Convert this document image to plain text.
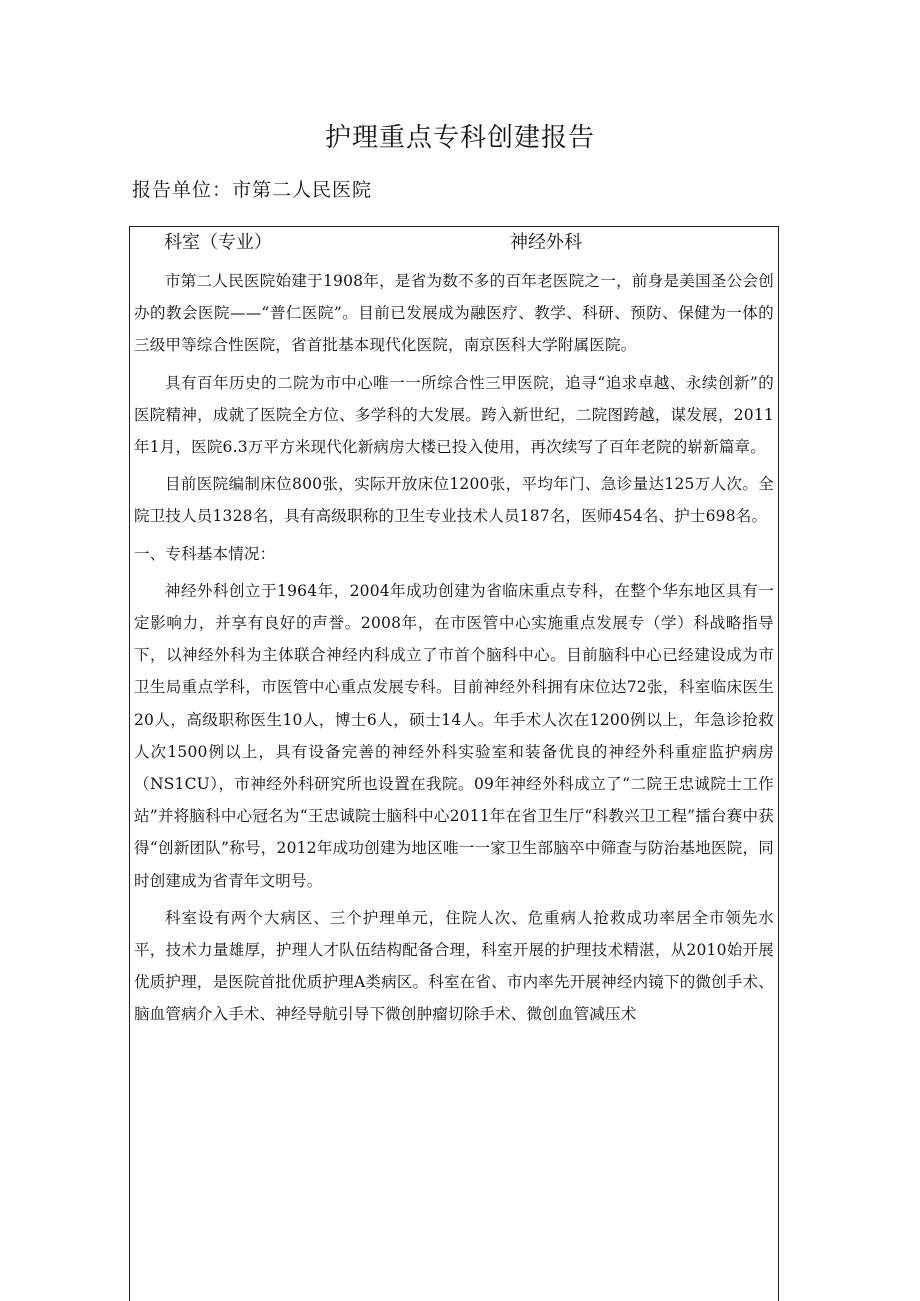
护理重点专科创建报告
报告单位：市第二人民医院
科室（专业）	神经外科

市第二人民医院始建于1908年，是省为数不多的百年老医院之一，前身是美国圣公会创办的教会医院——“普仁医院”。目前已发展成为融医疗、教学、科研、预防、保健为一体的三级甲等综合性医院，省首批基本现代化医院，南京医科大学附属医院。

具有百年历史的二院为市中心唯一一所综合性三甲医院，追寻“追求卓越、永续创新”的医院精神，成就了医院全方位、多学科的大发展。跨入新世纪，二院图跨越，谋发展，2011年1月，医院6.3万平方米现代化新病房大楼已投入使用，再次续写了百年老院的崭新篇章。

目前医院编制床位800张，实际开放床位1200张，平均年门、急诊量达125万人次。全院卫技人员1328名，具有高级职称的卫生专业技术人员187名，医师454名、护士698名。

一、专科基本情况：

神经外科创立于1964年，2004年成功创建为省临床重点专科，在整个华东地区具有一定影响力，并享有良好的声誉。2008年，在市医管中心实施重点发展专（学）科战略指导下，以神经外科为主体联合神经内科成立了市首个脑科中心。目前脑科中心已经建设成为市卫生局重点学科，市医管中心重点发展专科。目前神经外科拥有床位达72张，科室临床医生20人，高级职称医生10人，博士6人，硕士14人。年手术人次在1200例以上，年急诊抢救人次1500例以上，具有设备完善的神经外科实验室和装备优良的神经外科重症监护病房（NS1CU），市神经外科研究所也设置在我院。09年神经外科成立了“二院王忠诚院士工作站”并将脑科中心冠名为“王忠诚院士脑科中心2011年在省卫生厅“科教兴卫工程”擂台赛中获得“创新团队”称号，2012年成功创建为地区唯一一家卫生部脑卒中筛查与防治基地医院，同时创建成为省青年文明号。

科室设有两个大病区、三个护理单元，住院人次、危重病人抢救成功率居全市领先水平，技术力量雄厚，护理人才队伍结构配备合理，科室开展的护理技术精湛，从2010始开展优质护理，是医院首批优质护理A类病区。科室在省、市内率先开展神经内镜下的微创手术、脑血管病介入手术、神经导航引导下微创肿瘤切除手术、微创血管减压术
